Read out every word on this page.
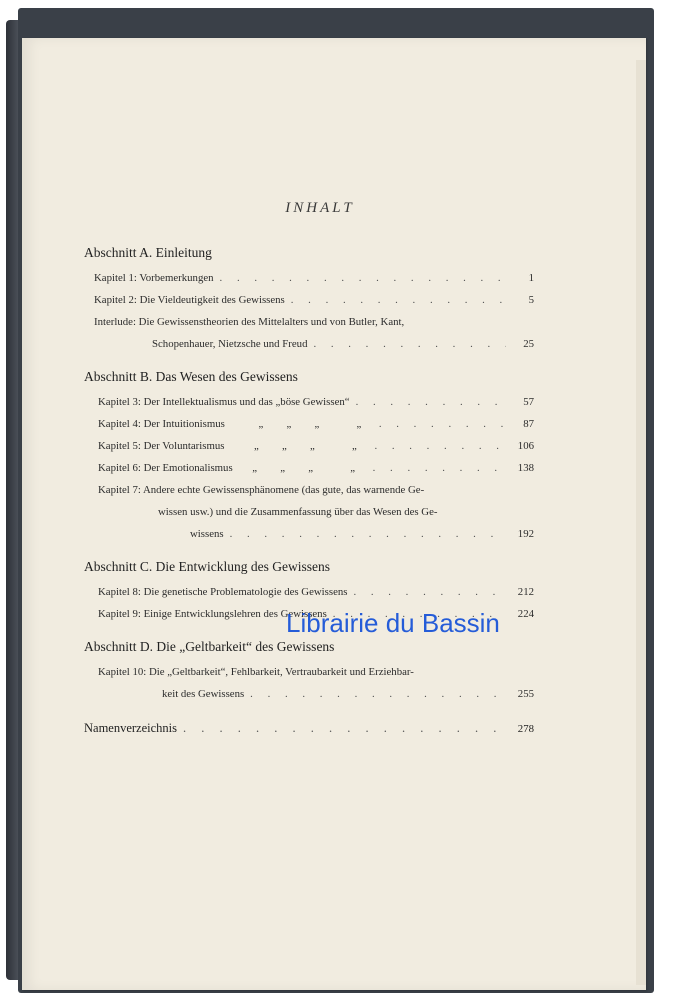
INHALT
Abschnitt A. Einleitung
Kapitel 1: Vorbemerkungen . . .	1
Kapitel 2: Die Vieldeutigkeit des Gewissens . . .	5
Interlude: Die Gewissenstheorien des Mittelalters und von Butler, Kant,
Schopenhauer, Nietzsche und Freud . . .	25
Abschnitt B. Das Wesen des Gewissens
Kapitel 3: Der Intellektualismus und das „böse Gewissen“ . . .	57
Kapitel 4: Der Intuitionismus	„	„	„	„ . . .	87
Kapitel 5: Der Voluntarismus	„	„	„	„ . . .	106
Kapitel 6: Der Emotionalismus	„	„	„	„ . . .	138
Kapitel 7: Andere echte Gewissensphänomene (das gute, das warnende Ge-
wissen usw.) und die Zusammenfassung über das Wesen des Ge-
wissens . . .	192
Abschnitt C. Die Entwicklung des Gewissens
Kapitel 8: Die genetische Problematologie des Gewissens . . .	212
Kapitel 9: Einige Entwicklungslehren des Gewissens . . .	224
Abschnitt D. Die „Geltbarkeit“ des Gewissens
Kapitel 10: Die „Geltbarkeit“, Fehlbarkeit, Vertraubarkeit und Erziehbar-
keit des Gewissens . . .	255
Namenverzeichnis . . .	278
Librairie du Bassin
